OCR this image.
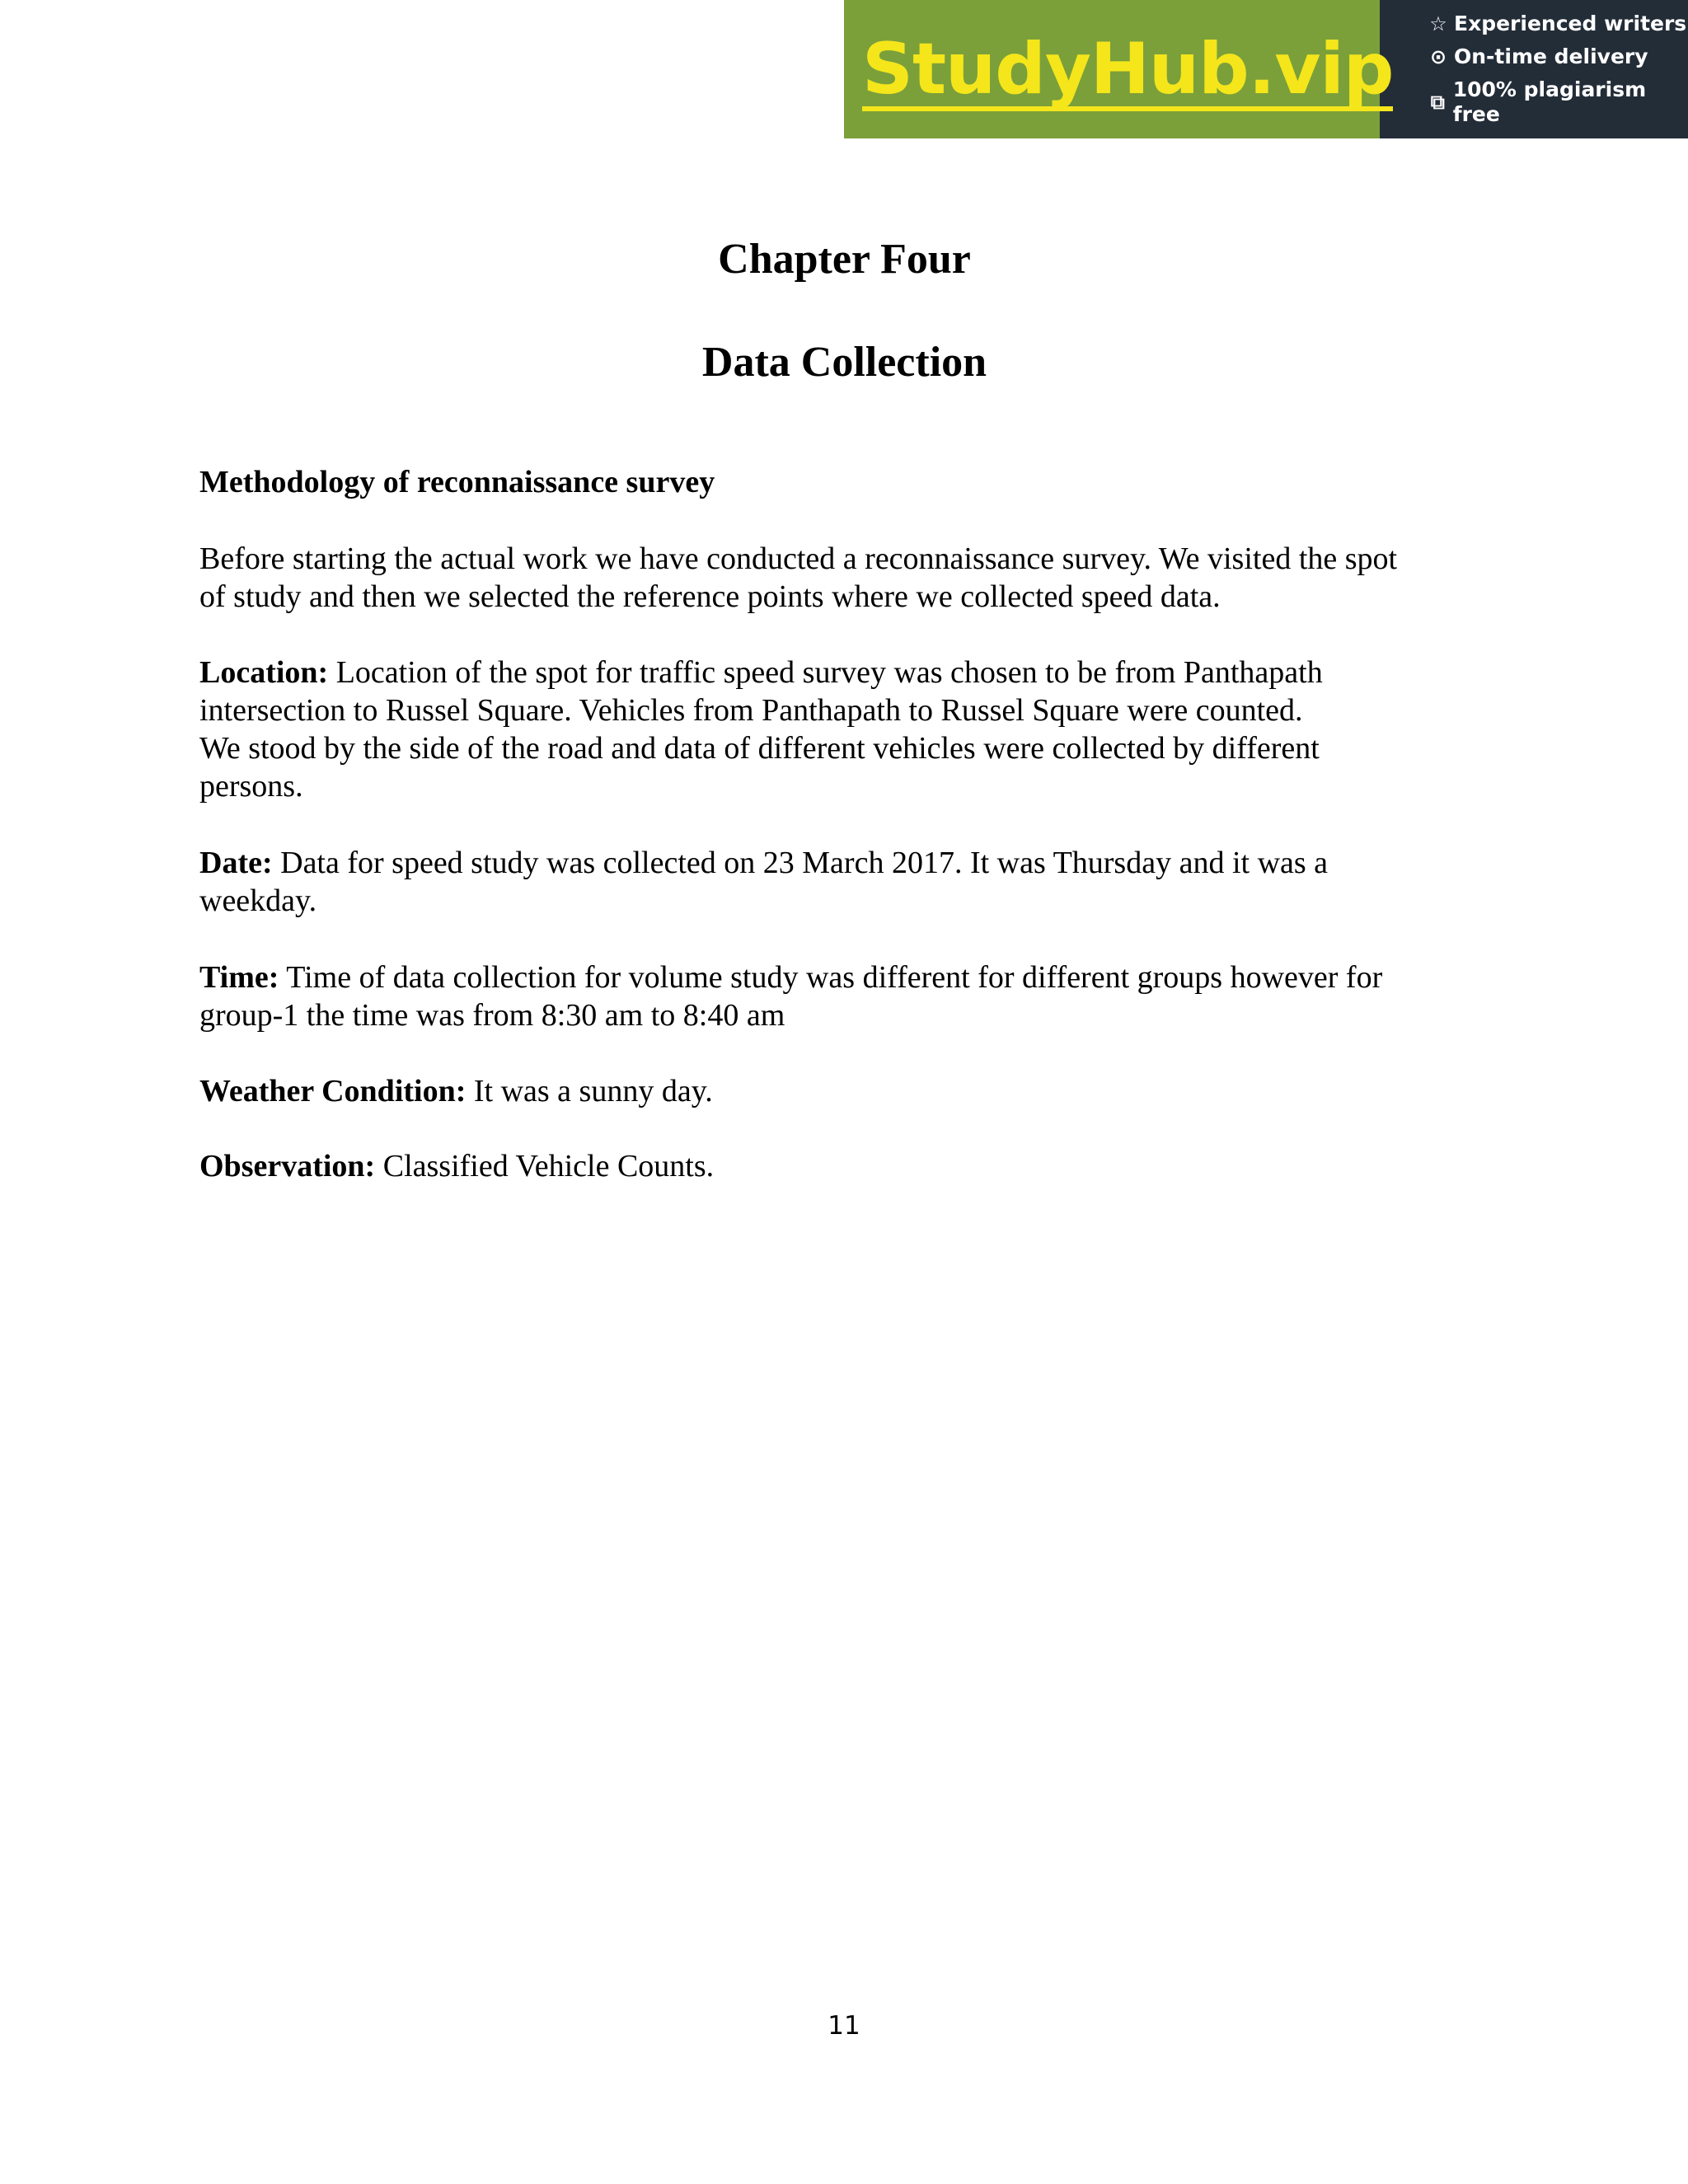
StudyHub.vip
☆ Experienced writers
⊙ On-time delivery
⧉
100% plagiarism free
Chapter Four
Data Collection
Methodology of reconnaissance survey

Before starting the actual work we have conducted a reconnaissance survey. We visited the spot
of study and then we selected the reference points where we collected speed data.

Location: Location of the spot for traffic speed survey was chosen to be from Panthapath
intersection to Russel Square. Vehicles from Panthapath to Russel Square were counted.
We stood by the side of the road and data of different vehicles were collected by different
persons.

Date: Data for speed study was collected on 23 March 2017. It was Thursday and it was a
weekday.

Time: Time of data collection for volume study was different for different groups however for
group-1 the time was from 8:30 am to 8:40 am

Weather Condition: It was a sunny day.

Observation: Classified Vehicle Counts.

11
